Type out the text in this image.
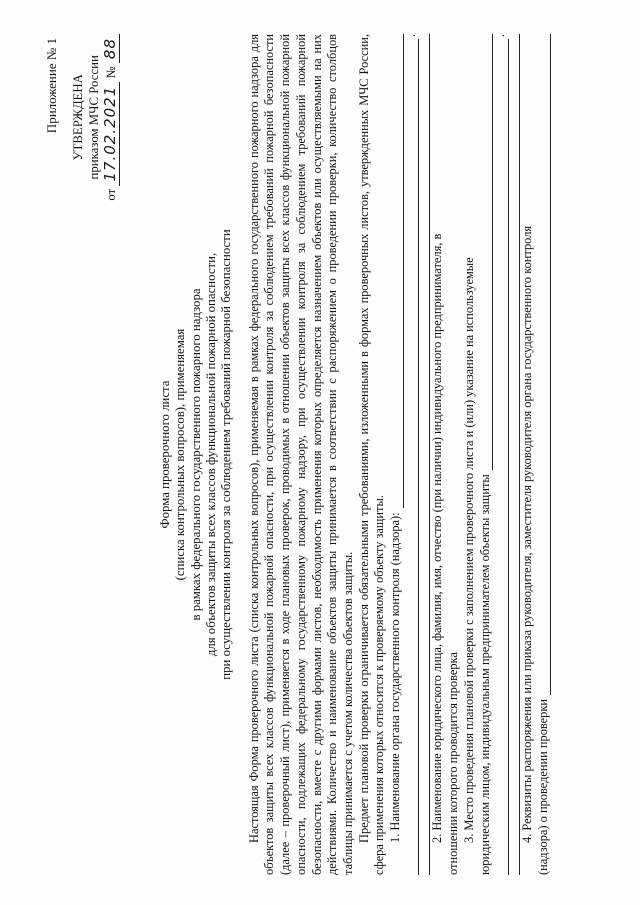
Приложение № 1 УТВЕРЖДЕНА приказом МЧС России
от 17.02.2021 № 88
Форма проверочного листа (списка контрольных вопросов), применяемая в рамках федерального государственного пожарного надзора для объектов защиты всех классов функциональной пожарной опасности, при осуществлении контроля за соблюдением требований пожарной безопасности Настоящая Форма проверочного листа (списка контрольных вопросов), применяемая в рамках федерального государственного пожарного надзора для объектов защиты всех классов функциональной пожарной опасности, при осуществлении контроля за соблюдением требований пожарной безопасности (далее – проверочный лист), применяется в ходе плановых проверок, проводимых в отношении объектов защиты всех классов функциональной пожарной опасности, подлежащих федеральному государственному пожарному надзору, при осуществлении контроля за соблюдением требований пожарной безопасности, вместе с другими формами листов, необходимость применения которых определяется назначением объектов или осуществляемыми на них действиями. Количество и наименование объектов защиты принимается в соответствии с распоряжением о проведении проверки, количество столбцов таблицы принимается с учетом количества объектов защиты. Предмет плановой проверки ограничивается обязательными требованиями, изложенными в формах проверочных листов, утвержденных МЧС России, сфера применения которых относится к проверяемому объекту защиты. 1. Наименование органа государственного контроля (надзора):
.
2. Наименование юридического лица, фамилия, имя, отчество (при наличии) индивидуального предпринимателя, в отношении которого проводится проверка 3. Место проведения плановой проверки с заполнением проверочного листа и (или) указание на используемые юридическим лицом, индивидуальным предпринимателем объекты защиты
.
4. Реквизиты распоряжения или приказа руководителя, заместителя руководителя органа государственного контроля (надзора) о проведении проверки
